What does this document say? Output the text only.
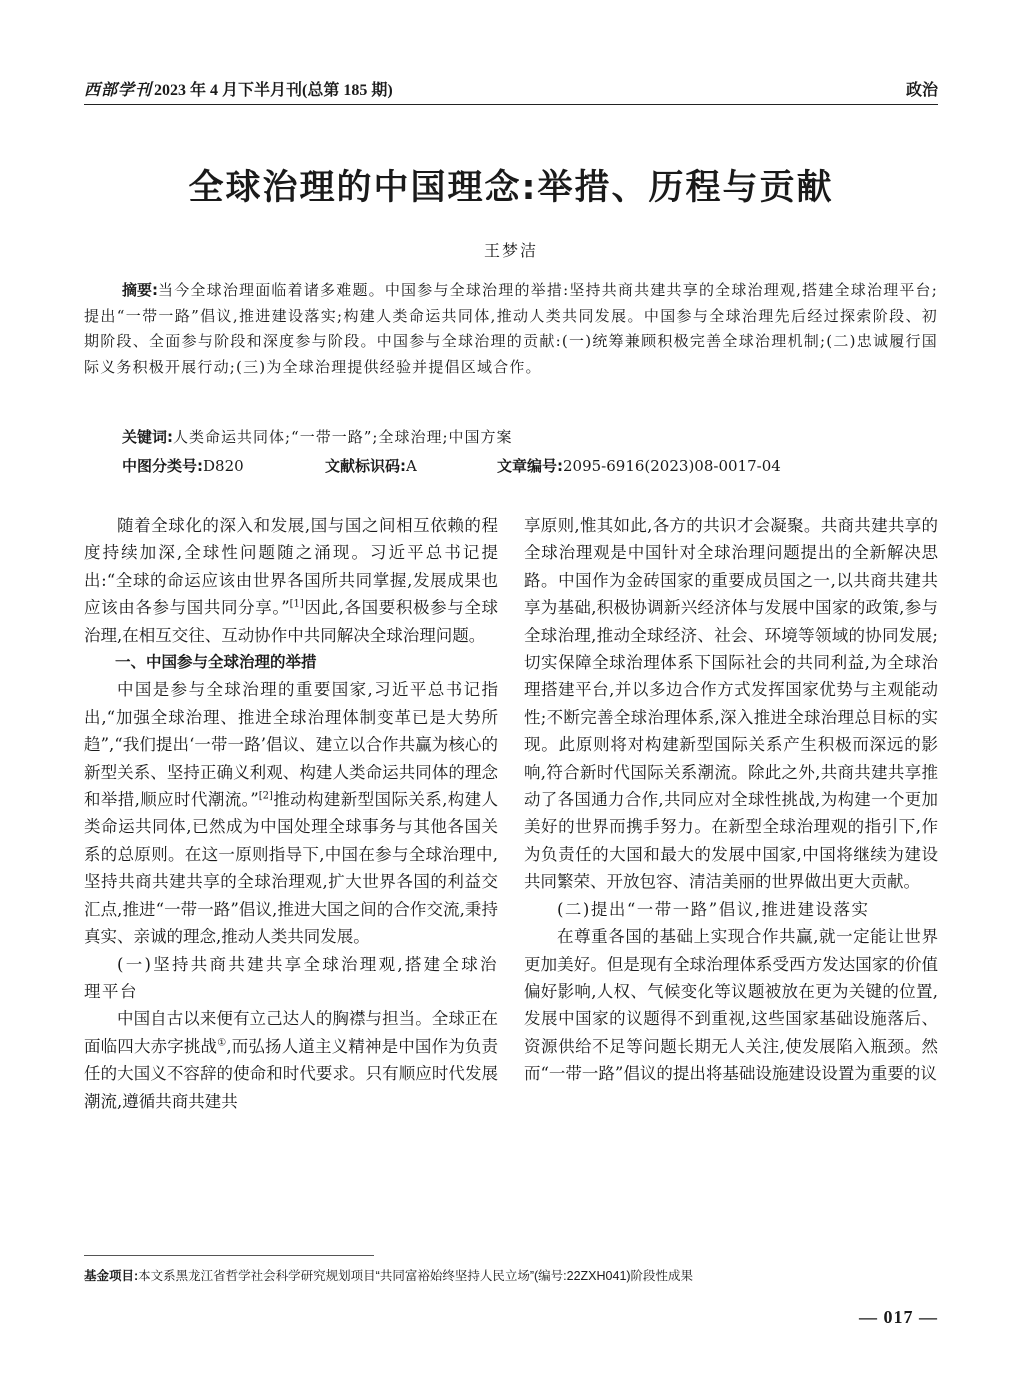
西部学刊 2023 年 4 月下半月刊(总第 185 期)	政治
全球治理的中国理念:举措、历程与贡献
王梦洁
摘要:当今全球治理面临着诸多难题。中国参与全球治理的举措:坚持共商共建共享的全球治理观,搭建全球治理平台;提出“一带一路”倡议,推进建设落实;构建人类命运共同体,推动人类共同发展。中国参与全球治理先后经过探索阶段、初期阶段、全面参与阶段和深度参与阶段。中国参与全球治理的贡献:(一)统筹兼顾积极完善全球治理机制;(二)忠诚履行国际义务积极开展行动;(三)为全球治理提供经验并提倡区域合作。
关键词:人类命运共同体;“一带一路”;全球治理;中国方案
中图分类号:D820	文献标识码:A	文章编号:2095-6916(2023)08-0017-04

随着全球化的深入和发展,国与国之间相互依赖的程度持续加深,全球性问题随之涌现。习近平总书记提出:“全球的命运应该由世界各国所共同掌握,发展成果也应该由各参与国共同分享。”[1]因此,各国要积极参与全球治理,在相互交往、互动协作中共同解决全球治理问题。

一、中国参与全球治理的举措

中国是参与全球治理的重要国家,习近平总书记指出,“加强全球治理、推进全球治理体制变革已是大势所趋”,“我们提出‘一带一路’倡议、建立以合作共赢为核心的新型关系、坚持正确义利观、构建人类命运共同体的理念和举措,顺应时代潮流。”[2]推动构建新型国际关系,构建人类命运共同体,已然成为中国处理全球事务与其他各国关系的总原则。在这一原则指导下,中国在参与全球治理中,坚持共商共建共享的全球治理观,扩大世界各国的利益交汇点,推进“一带一路”倡议,推进大国之间的合作交流,秉持真实、亲诚的理念,推动人类共同发展。

(一)坚持共商共建共享全球治理观,搭建全球治理平台

中国自古以来便有立己达人的胸襟与担当。全球正在面临四大赤字挑战①,而弘扬人道主义精神是中国作为负责任的大国义不容辞的使命和时代要求。只有顺应时代发展潮流,遵循共商共建共

享原则,惟其如此,各方的共识才会凝聚。共商共建共享的全球治理观是中国针对全球治理问题提出的全新解决思路。中国作为金砖国家的重要成员国之一,以共商共建共享为基础,积极协调新兴经济体与发展中国家的政策,参与全球治理,推动全球经济、社会、环境等领域的协同发展;切实保障全球治理体系下国际社会的共同利益,为全球治理搭建平台,并以多边合作方式发挥国家优势与主观能动性;不断完善全球治理体系,深入推进全球治理总目标的实现。此原则将对构建新型国际关系产生积极而深远的影响,符合新时代国际关系潮流。除此之外,共商共建共享推动了各国通力合作,共同应对全球性挑战,为构建一个更加美好的世界而携手努力。在新型全球治理观的指引下,作为负责任的大国和最大的发展中国家,中国将继续为建设共同繁荣、开放包容、清洁美丽的世界做出更大贡献。

(二)提出“一带一路”倡议,推进建设落实

在尊重各国的基础上实现合作共赢,就一定能让世界更加美好。但是现有全球治理体系受西方发达国家的价值偏好影响,人权、气候变化等议题被放在更为关键的位置,发展中国家的议题得不到重视,这些国家基础设施落后、资源供给不足等问题长期无人关注,使发展陷入瓶颈。然而“一带一路”倡议的提出将基础设施建设设置为重要的议

基金项目:本文系黑龙江省哲学社会科学研究规划项目“共同富裕始终坚持人民立场”(编号:22ZXH041)阶段性成果
— 017 —
